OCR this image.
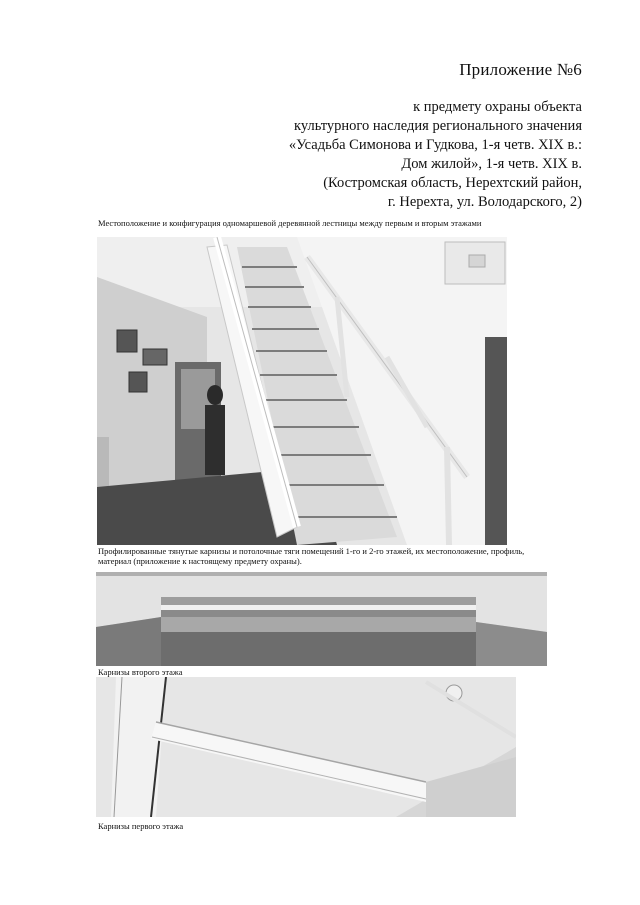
Приложение №6
к предмету охраны объекта
культурного наследия регионального значения
«Усадьба Симонова и Гудкова, 1-я четв. XIX в.:
Дом жилой», 1-я четв. XIX в.
(Костромская область, Нерехтский район,
г. Нерехта, ул. Володарского, 2)
Местоположение и конфигурация одномаршевой деревянной лестницы между первым и вторым этажами
Профилированные тянутые карнизы и потолочные тяги помещений 1-го и 2-го этажей, их местоположение, профиль, материал (приложение к настоящему предмету охраны).
Карнизы второго этажа
Карнизы первого этажа
